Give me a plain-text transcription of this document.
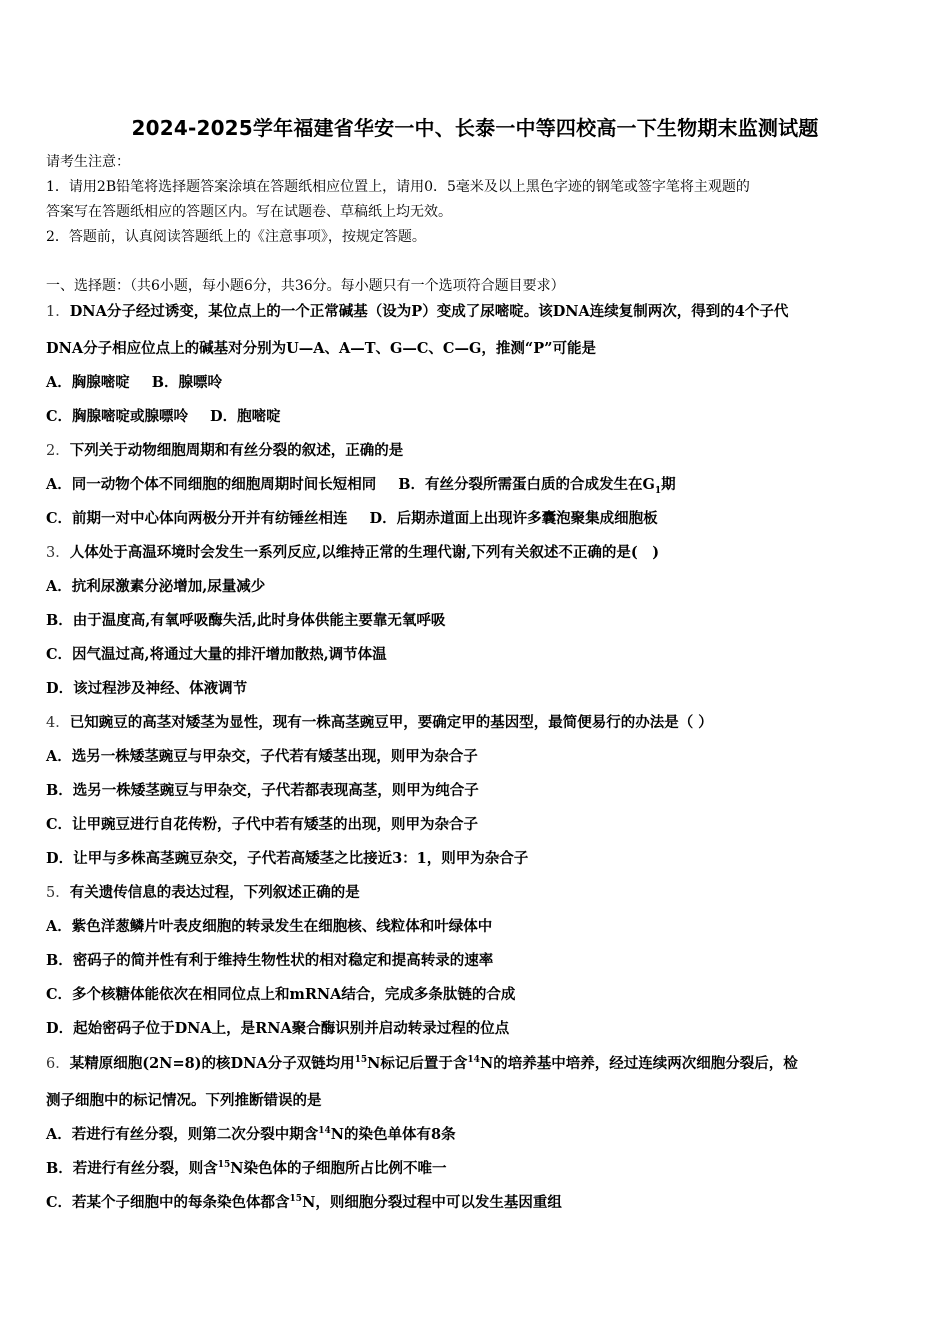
2024-2025学年福建省华安一中、长泰一中等四校高一下生物期末监测试题
请考生注意：
1．请用2B铅笔将选择题答案涂填在答题纸相应位置上，请用0．5毫米及以上黑色字迹的钢笔或签字笔将主观题的
答案写在答题纸相应的答题区内。写在试题卷、草稿纸上均无效。
2．答题前，认真阅读答题纸上的《注意事项》，按规定答题。
一、选择题：（共6小题，每小题6分，共36分。每小题只有一个选项符合题目要求）
1．DNA分子经过诱变，某位点上的一个正常碱基（设为P）变成了尿嘧啶。该DNA连续复制两次，得到的4个子代
DNA分子相应位点上的碱基对分别为U—A、A—T、G—C、C—G，推测“P”可能是
A．胸腺嘧啶 B．腺嘌呤
C．胸腺嘧啶或腺嘌呤 D．胞嘧啶
2．下列关于动物细胞周期和有丝分裂的叙述，正确的是
A．同一动物个体不同细胞的细胞周期时间长短相同 B．有丝分裂所需蛋白质的合成发生在$G_1$期
C．前期一对中心体向两极分开并有纺锤丝相连 D．后期赤道面上出现许多囊泡聚集成细胞板
3．人体处于高温环境时会发生一系列反应,以维持正常的生理代谢,下列有关叙述不正确的是(　)
A．抗利尿激素分泌增加,尿量减少
B．由于温度高,有氧呼吸酶失活,此时身体供能主要靠无氧呼吸
C．因气温过高,将通过大量的排汗增加散热,调节体温
D．该过程涉及神经、体液调节
4．已知豌豆的高茎对矮茎为显性，现有一株高茎豌豆甲，要确定甲的基因型，最简便易行的办法是（ ）
A．选另一株矮茎豌豆与甲杂交，子代若有矮茎出现，则甲为杂合子
B．选另一株矮茎豌豆与甲杂交，子代若都表现高茎，则甲为纯合子
C．让甲豌豆进行自花传粉，子代中若有矮茎的出现，则甲为杂合子
D．让甲与多株高茎豌豆杂交，子代若高矮茎之比接近3：1，则甲为杂合子
5．有关遗传信息的表达过程，下列叙述正确的是
A．紫色洋葱鳞片叶表皮细胞的转录发生在细胞核、线粒体和叶绿体中
B．密码子的简并性有利于维持生物性状的相对稳定和提高转录的速率
C．多个核糖体能依次在相同位点上和mRNA结合，完成多条肽链的合成
D．起始密码子位于DNA上，是RNA聚合酶识别并启动转录过程的位点
6．某精原细胞(2N=8)的核DNA分子双链均用$^{15}$N标记后置于含$^{14}$N的培养基中培养，经过连续两次细胞分裂后，检
测子细胞中的标记情况。下列推断错误的是
A．若进行有丝分裂，则第二次分裂中期含$^{14}$N的染色单体有8条
B．若进行有丝分裂，则含$^{15}$N染色体的子细胞所占比例不唯一
C．若某个子细胞中的每条染色体都含$^{15}$N，则细胞分裂过程中可以发生基因重组
